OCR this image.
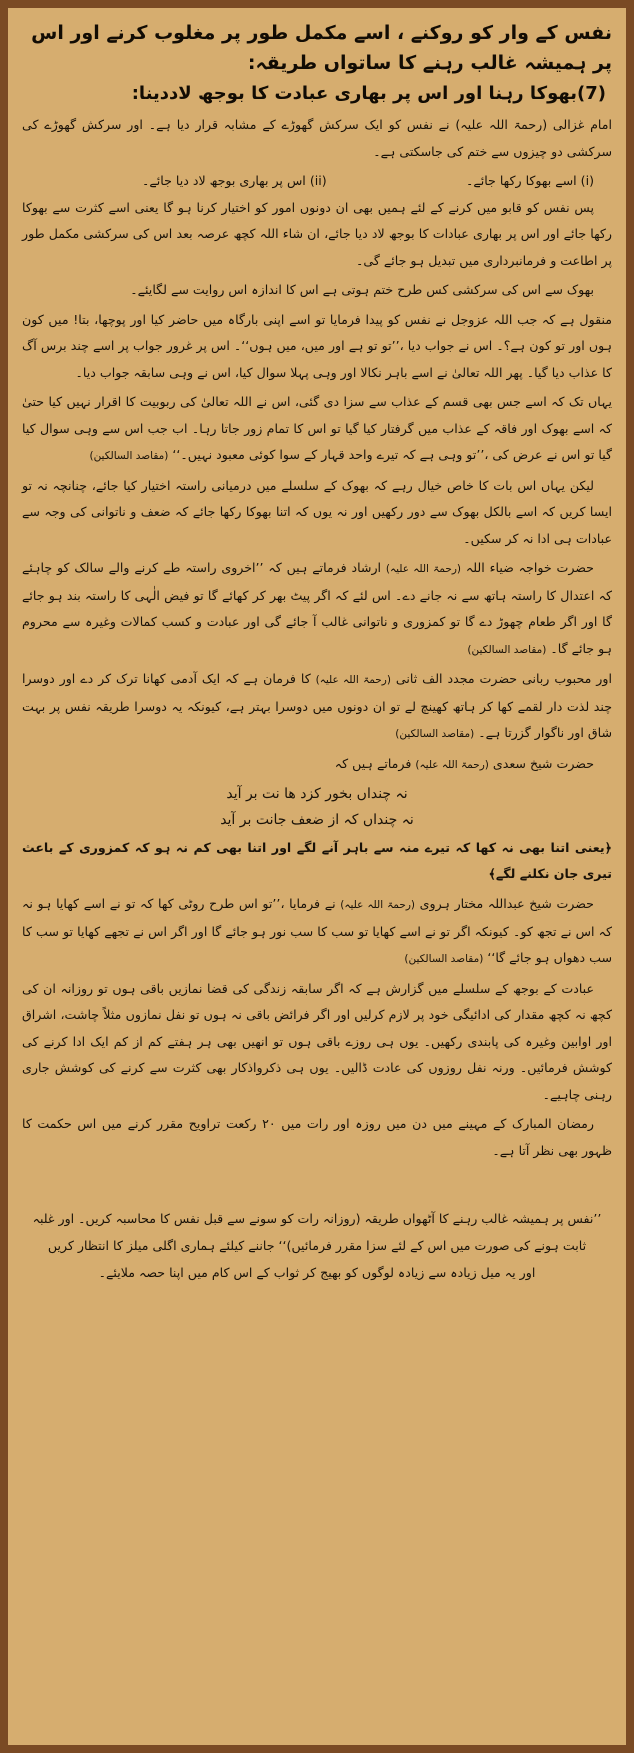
نفس کے وار کو روکنے ، اسے مکمل طور پر مغلوب کرنے اور اس پر ہمیشہ غالب رہنے کا ساتواں طریقہ:
(7)بھوکا رہنا اور اس پر بھاری عبادت کا بوجھ لاددینا:

امام غزالی (رحمۃ اللہ علیہ) نے نفس کو ایک سرکش گھوڑے کے مشابہ قرار دیا ہے۔ اور سرکش گھوڑے کی سرکشی دو چیزوں سے ختم کی جاسکتی ہے۔

(i) اسے بھوکا رکھا جائے۔
(ii) اس پر بھاری بوجھ لاد دیا جائے۔

پس نفس کو قابو میں کرنے کے لئے ہمیں بھی ان دونوں امور کو اختیار کرنا ہو گا یعنی اسے کثرت سے بھوکا رکھا جائے اور اس پر بھاری عبادات کا بوجھ لاد دیا جائے، ان شاء اللہ کچھ عرصہ بعد اس کی سرکشی مکمل طور پر اطاعت و فرمانبرداری میں تبدیل ہو جائے گی۔

بھوک سے اس کی سرکشی کس طرح ختم ہوتی ہے اس کا اندازہ اس روایت سے لگایئے۔

منقول ہے کہ جب اللہ عزوجل نے نفس کو پیدا فرمایا تو اسے اپنی بارگاہ میں حاضر کیا اور پوچھا، بتا! میں کون ہوں اور تو کون ہے؟۔ اس نے جواب دیا ،’’تو تو ہے اور میں، میں ہوں‘‘۔ اس پر غرور جواب پر اسے چند برس آگ کا عذاب دیا گیا۔ پھر اللہ تعالیٰ نے اسے باہر نکالا اور وہی پہلا سوال کیا، اس نے وہی سابقہ جواب دیا۔

یہاں تک کہ اسے جس بھی قسم کے عذاب سے سزا دی گئی، اس نے اللہ تعالیٰ کی ربوبیت کا اقرار نہیں کیا حتیٰ کہ اسے بھوک اور فاقہ کے عذاب میں گرفتار کیا گیا تو اس کا تمام زور جاتا رہا۔ اب جب اس سے وہی سوال کیا گیا تو اس نے عرض کی ،’’تو وہی ہے کہ تیرے واحد قہار کے سوا کوئی معبود نہیں۔‘‘ (مقاصد السالکین)

لیکن یہاں اس بات کا خاص خیال رہے کہ بھوک کے سلسلے میں درمیانی راستہ اختیار کیا جائے، چنانچہ نہ تو ایسا کریں کہ اسے بالکل بھوک سے دور رکھیں اور نہ یوں کہ اتنا بھوکا رکھا جائے کہ ضعف و ناتوانی کی وجہ سے عبادات ہی ادا نہ کر سکیں۔

حضرت خواجہ ضیاء اللہ (رحمۃ اللہ علیہ) ارشاد فرماتے ہیں کہ ’’اخروی راستہ طے کرنے والے سالک کو چاہئے کہ اعتدال کا راستہ ہاتھ سے نہ جانے دے۔ اس لئے کہ اگر پیٹ بھر کر کھائے گا تو فیض الٰہی کا راستہ بند ہو جائے گا اور اگر طعام چھوڑ دے گا تو کمزوری و ناتوانی غالب آ جائے گی اور عبادت و کسب کمالات وغیرہ سے محروم ہو جائے گا۔ (مقاصد السالکین)

اور محبوب ربانی حضرت مجدد الف ثانی (رحمۃ اللہ علیہ) کا فرمان ہے کہ ایک آدمی کھانا ترک کر دے اور دوسرا چند لذت دار لقمے کھا کر ہاتھ کھینچ لے تو ان دونوں میں دوسرا بہتر ہے، کیونکہ یہ دوسرا طریقہ نفس پر بہت شاق اور ناگوار گزرتا ہے۔ (مقاصد السالکین)

حضرت شیخ سعدی (رحمۃ اللہ علیہ) فرماتے ہیں کہ

نہ چنداں بخور کزد ھا نت بر آید

نہ چنداں کہ از ضعف جانت بر آید

﴿یعنی اتنا بھی نہ کھا کہ تیرے منہ سے باہر آنے لگے اور اتنا بھی کم نہ ہو کہ کمزوری کے باعث تیری جان نکلنے لگے﴾

حضرت شیخ عبداللہ مختار ہروی (رحمۃ اللہ علیہ) نے فرمایا ،’’تو اس طرح روٹی کھا کہ تو نے اسے کھایا ہو نہ کہ اس نے تجھ کو۔ کیونکہ اگر تو نے اسے کھایا تو سب کا سب نور ہو جائے گا اور اگر اس نے تجھے کھایا تو سب کا سب دھواں ہو جائے گا‘‘ (مقاصد السالکین)

عبادت کے بوجھ کے سلسلے میں گزارش ہے کہ اگر سابقہ زندگی کی قضا نمازیں باقی ہوں تو روزانہ ان کی کچھ نہ کچھ مقدار کی ادائیگی خود پر لازم کرلیں اور اگر فرائض باقی نہ ہوں تو نفل نمازوں مثلاً چاشت، اشراق اور اوابین وغیرہ کی پابندی رکھیں۔ یوں ہی روزے باقی ہوں تو انھیں بھی ہر ہفتے کم از کم ایک ادا کرنے کی کوشش فرمائیں۔ ورنہ نفل روزوں کی عادت ڈالیں۔ یوں ہی ذکرواذکار بھی کثرت سے کرنے کی کوشش جاری رہنی چاہیے۔

رمضان المبارک کے مہینے میں دن میں روزہ اور رات میں ۲۰ رکعت تراویح مقرر کرنے میں اس حکمت کا ظہور بھی نظر آتا ہے۔

’’نفس پر ہمیشہ غالب رہنے کا آٹھواں طریقہ (روزانہ رات کو سونے سے قبل نفس کا محاسبہ کریں۔ اور غلبہ

ثابت ہونے کی صورت میں اس کے لئے سزا مقرر فرمائیں)‘‘ جاننے کیلئے ہماری اگلی میلز کا انتظار کریں

اور یہ میل زیادہ سے زیادہ لوگوں کو بھیج کر ثواب کے اس کام میں اپنا حصہ ملایئے۔
